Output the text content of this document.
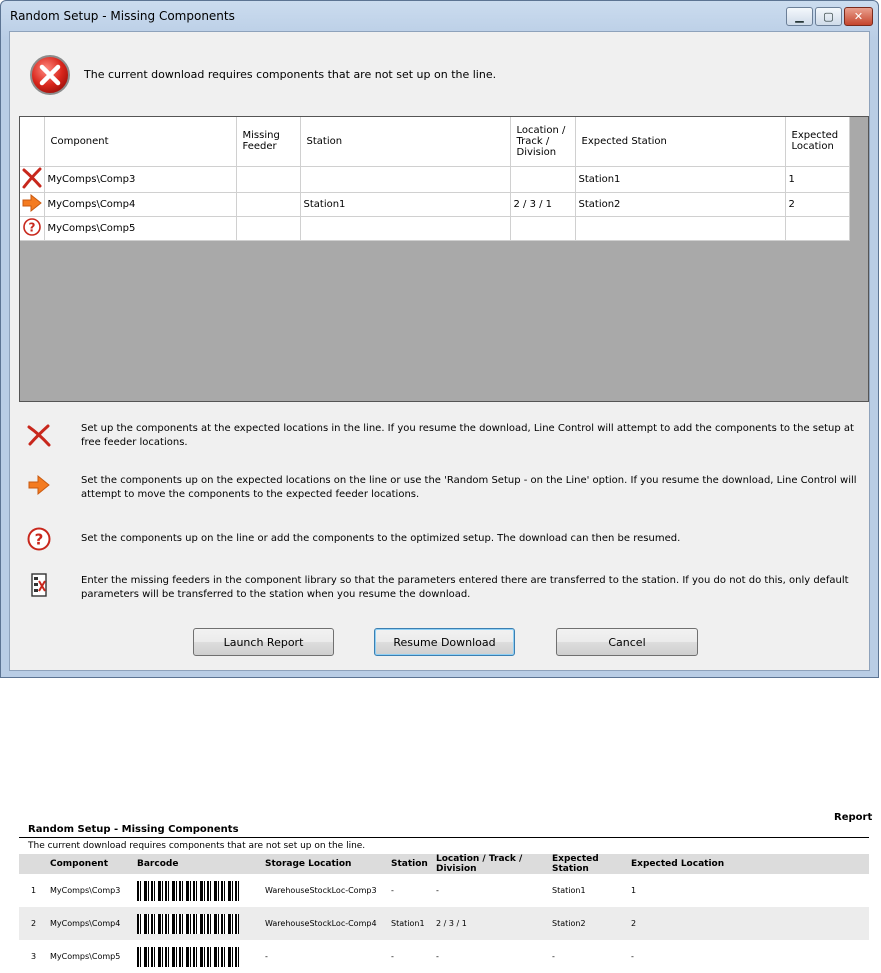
Random Setup - Missing Components	▁ ▢ ✕
The current download requires components that are not set up on the line.
	Component	Missing Feeder	Station	Location / Track / Division	Expected Station	Expected Location
	MyComps\Comp3				Station1	1
	MyComps\Comp4		Station1	2 / 3 / 1	Station2	2

?	MyComps\Comp5					
Set up the components at the expected locations in the line. If you resume the download, Line Control will attempt to add the components to the setup at free feeder locations.
Set the components up on the expected locations on the line or use the 'Random Setup - on the Line' option. If you resume the download, Line Control will attempt to move the components to the expected feeder locations.
?	Set the components up on the line or add the components to the optimized setup. The download can then be resumed.
Enter the missing feeders in the component library so that the parameters entered there are transferred to the station. If you do not do this, only default parameters will be transferred to the station when you resume the download.
Launch Report	Resume Download	Cancel
Report
Random Setup - Missing Components
The current download requires components that are not set up on the line.
	Component	Barcode	Storage Location	Station	Location / Track / Division	Expected Station	Expected Location
1	MyComps\Comp3		WarehouseStockLoc-Comp3	-	-	Station1	1
2	MyComps\Comp4		WarehouseStockLoc-Comp4	Station1	2 / 3 / 1	Station2	2
3	MyComps\Comp5		-	-	-	-	-
